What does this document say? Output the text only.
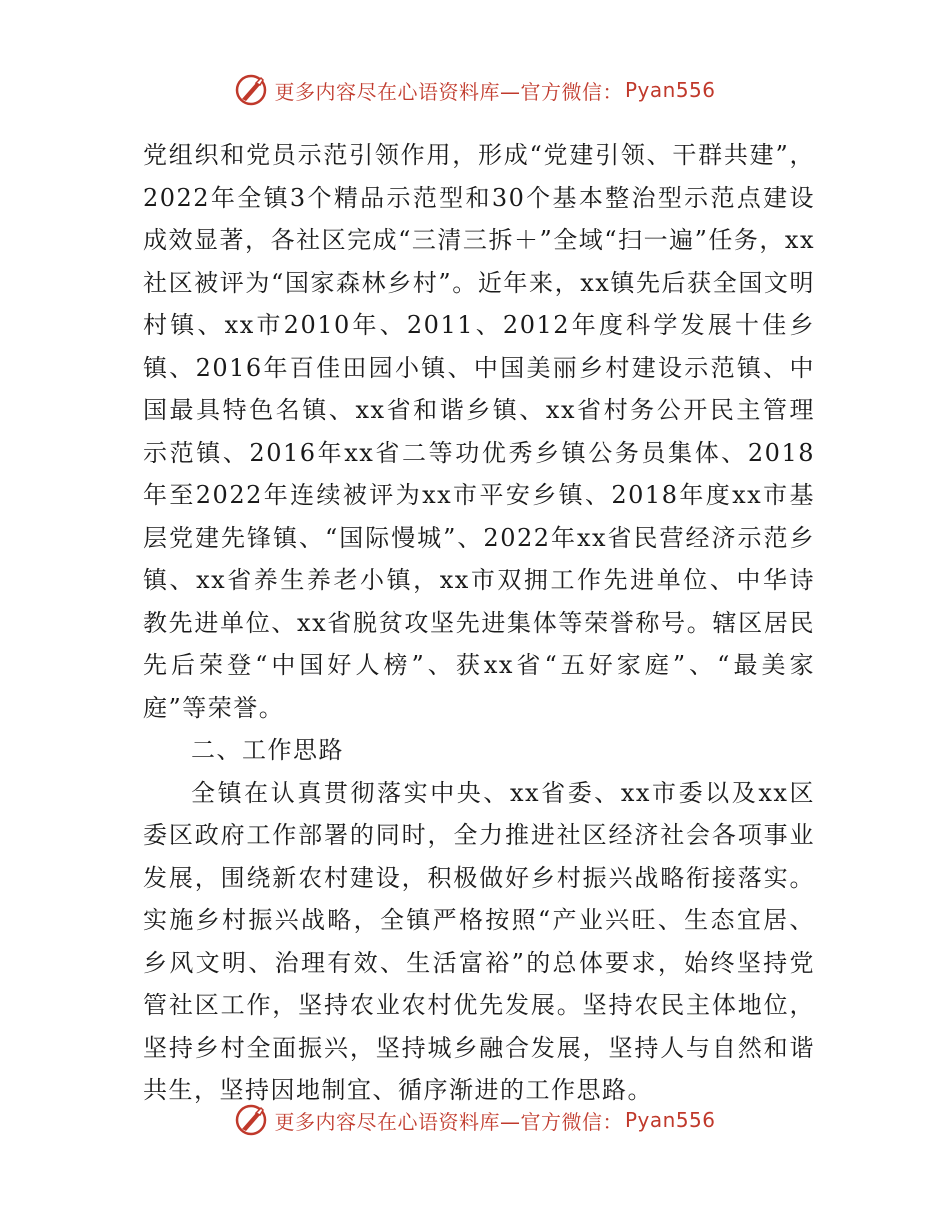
更多内容尽在心语资料库—官方微信： Pyan556

党组织和党员示范引领作用，形成“党建引领、干群共建”，2022年全镇3个精品示范型和30个基本整治型示范点建设成效显著，各社区完成“三清三拆＋”全域“扫一遍”任务，xx社区被评为“国家森林乡村”。近年来，xx镇先后获全国文明村镇、xx市2010年、2011、2012年度科学发展十佳乡镇、2016年百佳田园小镇、中国美丽乡村建设示范镇、中国最具特色名镇、xx省和谐乡镇、xx省村务公开民主管理示范镇、2016年xx省二等功优秀乡镇公务员集体、2018年至2022年连续被评为xx市平安乡镇、2018年度xx市基层党建先锋镇、“国际慢城”、2022年xx省民营经济示范乡镇、xx省养生养老小镇，xx市双拥工作先进单位、中华诗教先进单位、xx省脱贫攻坚先进集体等荣誉称号。辖区居民先后荣登“中国好人榜”、获xx省“五好家庭”、“最美家庭”等荣誉。

二、工作思路

全镇在认真贯彻落实中央、xx省委、xx市委以及xx区委区政府工作部署的同时，全力推进社区经济社会各项事业发展，围绕新农村建设，积极做好乡村振兴战略衔接落实。实施乡村振兴战略，全镇严格按照“产业兴旺、生态宜居、乡风文明、治理有效、生活富裕”的总体要求，始终坚持党管社区工作，坚持农业农村优先发展。坚持农民主体地位，坚持乡村全面振兴，坚持城乡融合发展，坚持人与自然和谐共生，坚持因地制宜、循序渐进的工作思路。

更多内容尽在心语资料库—官方微信： Pyan556
